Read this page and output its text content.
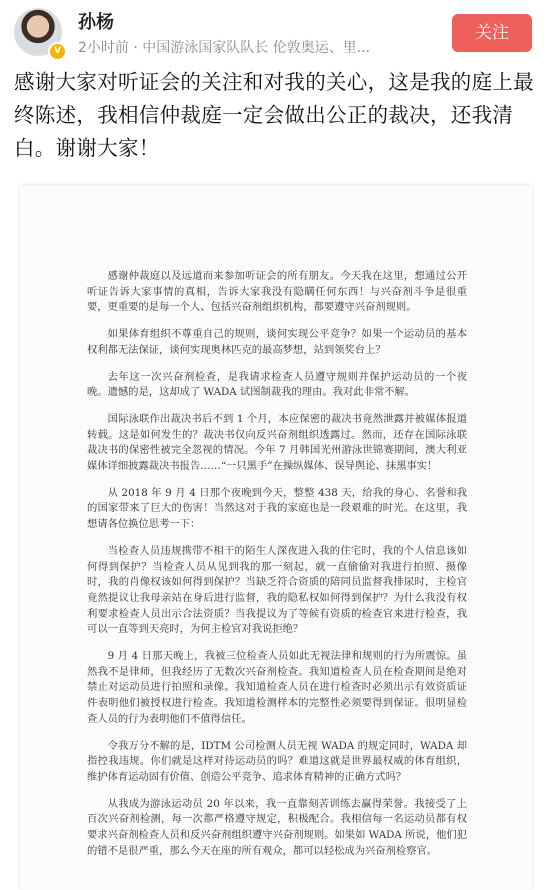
V
孙杨
2小时前 · 中国游泳国家队队长 伦敦奥运、里...
关注
感谢大家对听证会的关注和对我的关心，这是我的庭上最终陈述，我相信仲裁庭一定会做出公正的裁决，还我清白。谢谢大家！

感谢仲裁庭以及远道而来参加听证会的所有朋友。今天我在这里，想通过公开听证告诉大家事情的真相，告诉大家我没有隐瞒任何东西！与兴奋剂斗争是很重要，更重要的是每一个人、包括兴奋剂组织机构，都要遵守兴奋剂规则。

如果体育组织不尊重自己的规则，谈何实现公平竞争？如果一个运动员的基本权利都无法保证，谈何实现奥林匹克的最高梦想，站到领奖台上？

去年这一次兴奋剂检查，是我请求检查人员遵守规则并保护运动员的一个夜晚。遗憾的是，这却成了 WADA 试图制裁我的理由。我对此非常不解。

国际泳联作出裁决书后不到 1 个月，本应保密的裁决书竟然泄露并被媒体报道转载。这是如何发生的？裁决书仅向反兴奋剂组织透露过。然而，还存在国际泳联裁决书的保密性被完全忽视的情况。今年 7 月韩国光州游泳世锦赛期间，澳大利亚媒体详细披露裁决书报告……“一只黑手”在操纵媒体、误导舆论、抹黑事实！

从 2018 年 9 月 4 日那个夜晚到今天，整整 438 天，给我的身心、名誉和我的国家带来了巨大的伤害！当然这对于我的家庭也是一段艰难的时光。在这里，我想请各位换位思考一下：

当检查人员违规携带不相干的陌生人深夜进入我的住宅时，我的个人信息该如何得到保护？当检查人员从见到我的那一刻起，就一直偷偷对我进行拍照、摄像时，我的肖像权该如何得到保护？当缺乏符合资质的陪同员监督我排尿时，主检官竟然提议让我母亲站在身后进行监督，我的隐私权如何得到保护？为什么我没有权利要求检查人员出示合法资质？当我提议为了等候有资质的检查官来进行检查，我可以一直等到天亮时，为何主检官对我说拒绝？

9 月 4 日那天晚上，我被三位检查人员如此无视法律和规则的行为所震惊。虽然我不是律师，但我经历了无数次兴奋剂检查。我知道检查人员在检查期间是绝对禁止对运动员进行拍照和录像。我知道检查人员在进行检查时必须出示有效资质证件表明他们被授权进行检查。我知道检测样本的完整性必须要得到保证。很明显检查人员的行为表明他们不值得信任。

令我万分不解的是，IDTM 公司检测人员无视 WADA 的规定同时，WADA 却指控我违规。你们就是这样对待运动员的吗？难道这就是世界最权威的体育组织，维护体育运动固有价值、创造公平竞争、追求体育精神的正确方式吗？

从我成为游泳运动员 20 年以来，我一直靠刻苦训练去赢得荣誉。我接受了上百次兴奋剂检测，每一次都严格遵守规定，积极配合。我相信每一名运动员都有权要求兴奋剂检查人员和反兴奋剂组织遵守兴奋剂规则。如果如 WADA 所说，他们犯的错不是很严重，那么今天在座的所有观众，都可以轻松成为兴奋剂检察官。
